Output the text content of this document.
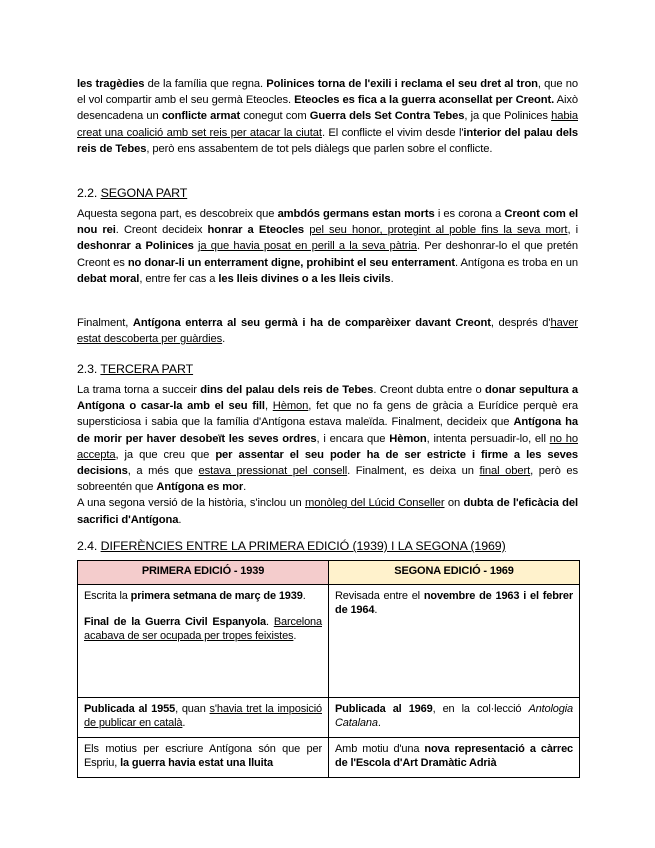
les tragèdies de la família que regna. Polinices torna de l'exili i reclama el seu dret al tron, que no el vol compartir amb el seu germà Eteocles. Eteocles es fica a la guerra aconsellat per Creont. Això desencadena un conflicte armat conegut com Guerra dels Set Contra Tebes, ja que Polinices habia creat una coalició amb set reis per atacar la ciutat. El conflicte el vivim desde l'interior del palau dels reis de Tebes, però ens assabentem de tot pels diàlegs que parlen sobre el conflicte.
2.2. SEGONA PART
Aquesta segona part, es descobreix que ambdós germans estan morts i es corona a Creont com el nou rei. Creont decideix honrar a Eteocles pel seu honor, protegint al poble fins la seva mort, i deshonrar a Polinices ja que havia posat en perill a la seva pàtria. Per deshonrar-lo el que pretén Creont es no donar-li un enterrament digne, prohibint el seu enterrament. Antígona es troba en un debat moral, entre fer cas a les lleis divines o a les lleis civils.
Finalment, Antígona enterra al seu germà i ha de comparèixer davant Creont, després d'haver estat descoberta per guàrdies.
2.3. TERCERA PART
La trama torna a succeir dins del palau dels reis de Tebes. Creont dubta entre o donar sepultura a Antígona o casar-la amb el seu fill, Hèmon, fet que no fa gens de gràcia a Eurídice perquè era supersticiosa i sabia que la família d'Antígona estava maleïda. Finalment, decideix que Antígona ha de morir per haver desobeït les seves ordres, i encara que Hèmon, intenta persuadir-lo, ell no ho accepta, ja que creu que per assentar el seu poder ha de ser estricte i firme a les seves decisions, a més que estava pressionat pel consell. Finalment, es deixa un final obert, però es sobreentén que Antígona es mor.
A una segona versió de la història, s'inclou un monòleg del Lúcid Conseller on dubta de l'eficàcia del sacrifici d'Antígona.
2.4. DIFERÈNCIES ENTRE LA PRIMERA EDICIÓ (1939) I LA SEGONA (1969)
PRIMERA EDICIÓ - 1939	SEGONA EDICIÓ - 1969

Escrita la primera setmana de març de 1939.

Final de la Guerra Civil Espanyola. Barcelona acabava de ser ocupada per tropes feixistes.	Revisada entre el novembre de 1963 i el febrer de 1964.

Publicada al 1955, quan s'havia tret la imposició de publicar en català.	Publicada al 1969, en la col·lecció Antologia Catalana.

Els motius per escriure Antígona són que per Espriu, la guerra havia estat una lluita	Amb motiu d'una nova representació a càrrec de l'Escola d'Art Dramàtic Adrià
